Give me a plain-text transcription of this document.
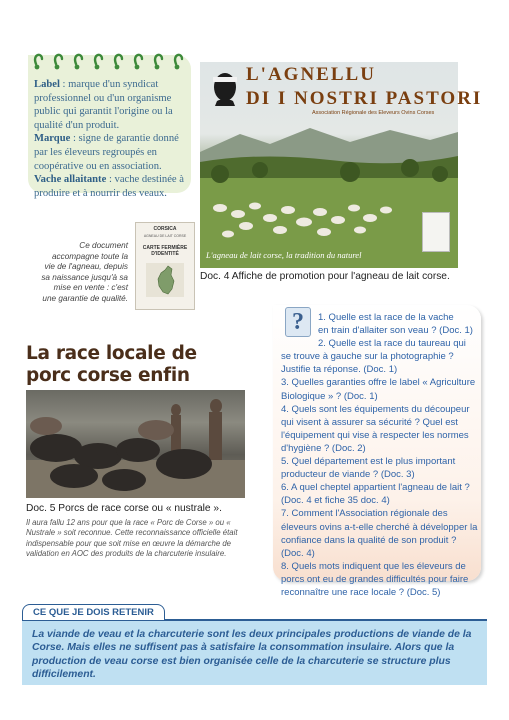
Label : marque d'un syndicat professionnel ou d'un organisme public qui garantit l'origine ou la qualité d'un produit.
Marque : signe de garantie donné par les éleveurs regroupés en coopérative ou en association.
Vache allaitante : vache destinée à produire et à nourrir des veaux.
L'AGNELLU
DI I NOSTRI PASTORI
Association Régionale des Eleveurs Ovins Corses
L'agneau de lait corse, la tradition du naturel
Doc. 4 Affiche de promotion pour l'agneau de lait corse.
CORSICA
AGNEAU DE LAIT CORSE
CARTE FERMIÈRE D'IDENTITÉ
Ce document accompagne toute la vie de l'agneau, depuis sa naissance jusqu'à sa mise en vente : c'est une garantie de qualité.
La race locale de porc corse enfin
Doc. 5 Porcs de race corse ou « nustrale ».
Il aura fallu 12 ans pour que la race « Porc de Corse » ou « Nustrale » soit reconnue. Cette reconnaissance officielle était indispensable pour que soit mise en œuvre la démarche de validation en AOC des produits de la charcuterie insulaire.
?	1. Quelle est la race de la vache
en train d'allaiter son veau ? (Doc. 1)
2. Quelle est la race du taureau qui
se trouve à gauche sur la photographie ? Justifie ta réponse. (Doc. 1)
3. Quelles garanties offre le label « Agriculture Biologique » ? (Doc. 1)
4. Quels sont les équipements du découpeur qui visent à assurer sa sécurité ? Quel est l'équipement qui vise à respecter les normes d'hygiène ? (Doc. 2)
5. Quel département est le plus important producteur de viande ? (Doc. 3)
6. A quel cheptel appartient l'agneau de lait ? (Doc. 4 et fiche 35 doc. 4)
7. Comment l'Association régionale des éleveurs ovins a-t-elle cherché à développer la confiance dans la qualité de son produit ? (Doc. 4)
8. Quels mots indiquent que les éleveurs de porcs ont eu de grandes difficultés pour faire reconnaître une race locale ? (Doc. 5)
CE QUE JE DOIS RETENIR
La viande de veau et la charcuterie sont les deux principales productions de viande de la Corse. Mais elles ne suffisent pas à satisfaire la consommation insulaire. Alors que la production de veau corse est bien organisée celle de la charcuterie se structure plus difficilement.
